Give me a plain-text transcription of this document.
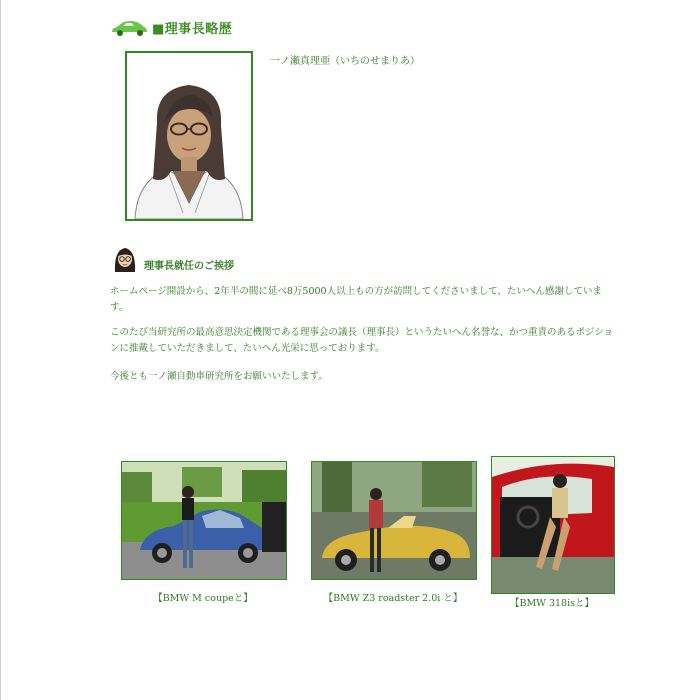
■理事長略歴
一ノ瀬真理亜（いちのせまりあ）
理事長就任のご挨拶

ホームページ開設から、2年半の間に延べ8万5000人以上もの方が訪問してくださいまして、たいへん感謝しています。

このたび当研究所の最高意思決定機関である理事会の議長（理事長）というたいへん名誉な、かつ重責のあるポジションに推戴していただきまして、たいへん光栄に思っております。

今後とも一ノ瀬自動車研究所をお願いいたします。

【BMW M coupeと】	【BMW Z3 roadster 2.0i と】	【BMW 318isと】
